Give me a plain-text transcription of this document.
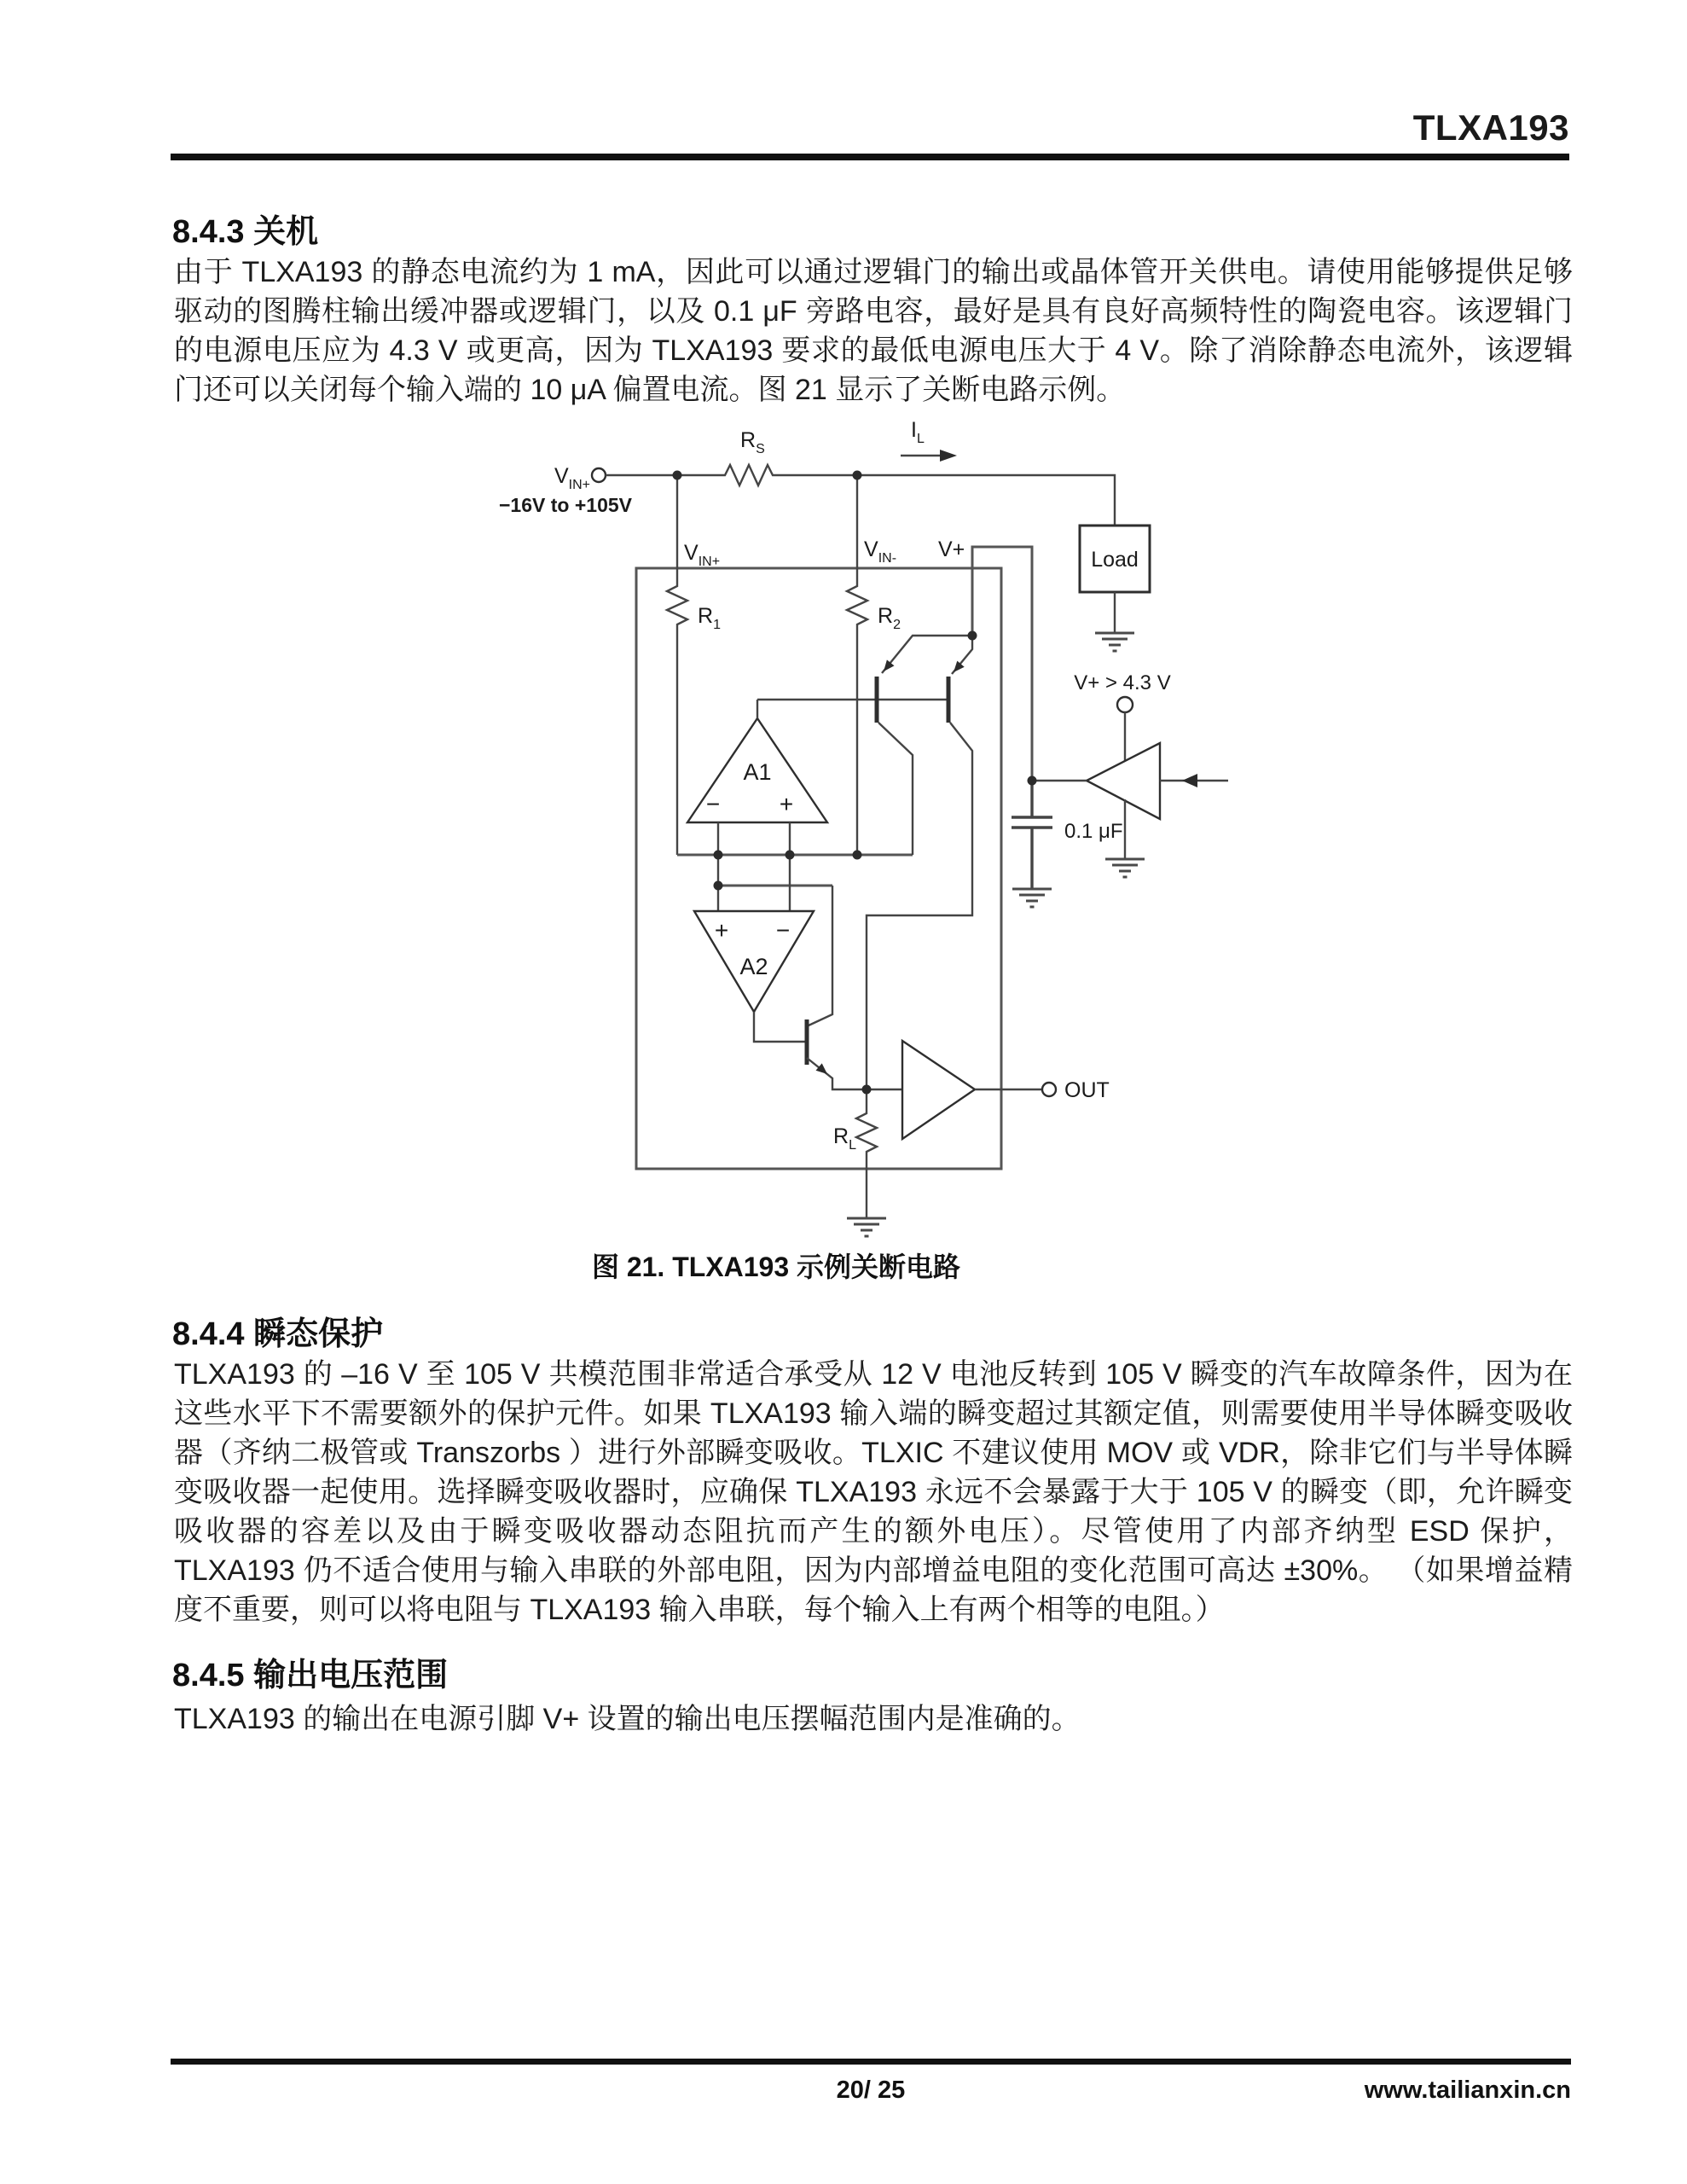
TLXA193
8.4.3 关机
由于 TLXA193 的静态电流约为 1 mA，因此可以通过逻辑门的输出或晶体管开关供电。请使用能够提供足够驱动的图腾柱输出缓冲器或逻辑门，以及 0.1 μF 旁路电容，最好是具有良好高频特性的陶瓷电容。该逻辑门的电源电压应为 4.3 V 或更高，因为 TLXA193 要求的最低电源电压大于 4 V。除了消除静态电流外，该逻辑门还可以关闭每个输入端的 10 μA 偏置电流。图 21 显示了关断电路示例。
$V_{IN+}$
−16V to +105V
$R_S$
$I_L$
$V_{IN+}$
$V_{IN-}$
$R_1$	$R_2$
V+	Load
A1
− +
+ −
A2
V+ > 4.3 V
0.1 μF
$R_L$
OUT
图 21. TLXA193 示例关断电路
8.4.4 瞬态保护
TLXA193 的 –16 V 至 105 V 共模范围非常适合承受从 12 V 电池反转到 105 V 瞬变的汽车故障条件，因为在这些水平下不需要额外的保护元件。如果 TLXA193 输入端的瞬变超过其额定值，则需要使用半导体瞬变吸收器（齐纳二极管或 Transzorbs ）进行外部瞬变吸收。TLXIC 不建议使用 MOV 或 VDR，除非它们与半导体瞬变吸收器一起使用。选择瞬变吸收器时，应确保 TLXA193 永远不会暴露于大于 105 V 的瞬变（即，允许瞬变吸收器的容差以及由于瞬变吸收器动态阻抗而产生的额外电压）。尽管使用了内部齐纳型 ESD 保护， TLXA193 仍不适合使用与输入串联的外部电阻，因为内部增益电阻的变化范围可高达 ±30%。 （如果增益精度不重要，则可以将电阻与 TLXA193 输入串联，每个输入上有两个相等的电阻。）
8.4.5 输出电压范围
TLXA193 的输出在电源引脚 V+ 设置的输出电压摆幅范围内是准确的。
20/ 25	www.tailianxin.cn
